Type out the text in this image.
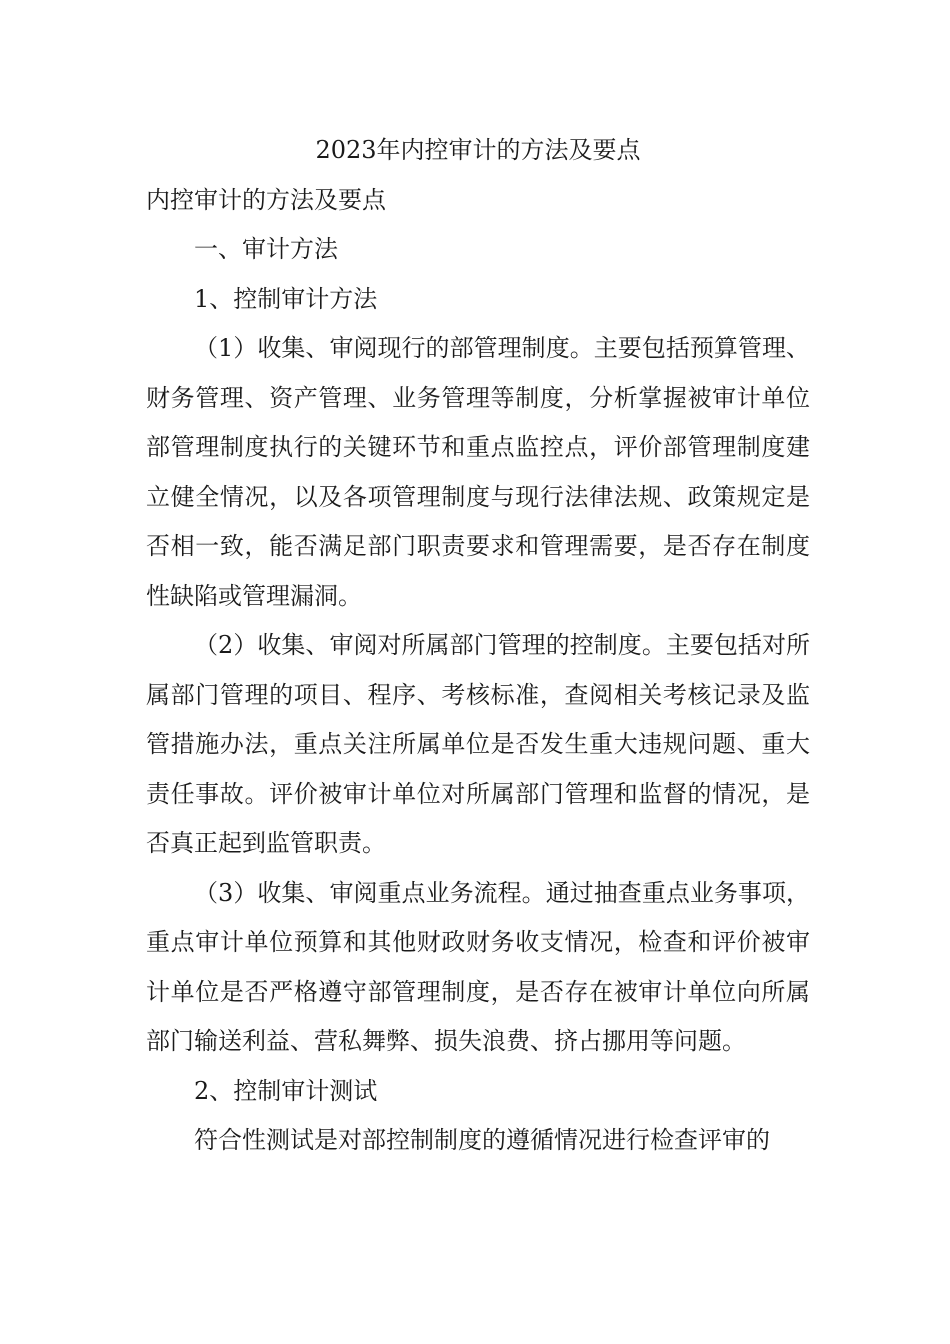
2023年内控审计的方法及要点

内控审计的方法及要点

一、审计方法

1、控制审计方法

（1）收集、审阅现行的部管理制度。主要包括预算管理、财务管理、资产管理、业务管理等制度，分析掌握被审计单位部管理制度执行的关键环节和重点监控点，评价部管理制度建立健全情况，以及各项管理制度与现行法律法规、政策规定是否相一致，能否满足部门职责要求和管理需要，是否存在制度性缺陷或管理漏洞。

（2）收集、审阅对所属部门管理的控制度。主要包括对所属部门管理的项目、程序、考核标准，查阅相关考核记录及监管措施办法，重点关注所属单位是否发生重大违规问题、重大责任事故。评价被审计单位对所属部门管理和监督的情况，是否真正起到监管职责。

（3）收集、审阅重点业务流程。通过抽查重点业务事项，重点审计单位预算和其他财政财务收支情况，检查和评价被审计单位是否严格遵守部管理制度，是否存在被审计单位向所属部门输送利益、营私舞弊、损失浪费、挤占挪用等问题。

2、控制审计测试

符合性测试是对部控制制度的遵循情况进行检查评审的
